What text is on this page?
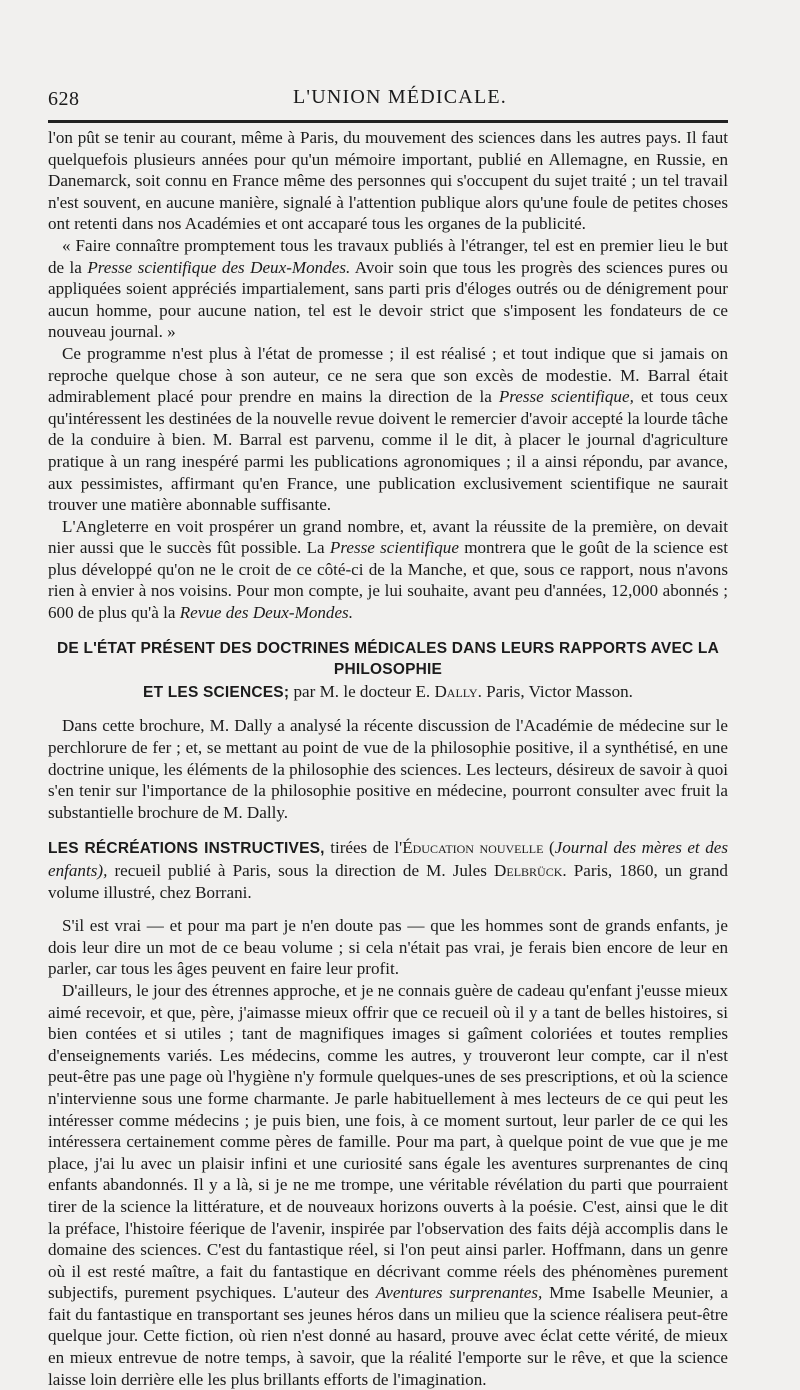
628	L'UNION MÉDICALE.

l'on pût se tenir au courant, même à Paris, du mouvement des sciences dans les autres pays. Il faut quelquefois plusieurs années pour qu'un mémoire important, publié en Allemagne, en Russie, en Danemarck, soit connu en France même des personnes qui s'occupent du sujet traité ; un tel travail n'est souvent, en aucune manière, signalé à l'attention publique alors qu'une foule de petites choses ont retenti dans nos Académies et ont accaparé tous les organes de la publicité.

« Faire connaître promptement tous les travaux publiés à l'étranger, tel est en premier lieu le but de la Presse scientifique des Deux-Mondes. Avoir soin que tous les progrès des sciences pures ou appliquées soient appréciés impartialement, sans parti pris d'éloges outrés ou de dénigrement pour aucun homme, pour aucune nation, tel est le devoir strict que s'imposent les fondateurs de ce nouveau journal. »

Ce programme n'est plus à l'état de promesse ; il est réalisé ; et tout indique que si jamais on reproche quelque chose à son auteur, ce ne sera que son excès de modestie. M. Barral était admirablement placé pour prendre en mains la direction de la Presse scientifique, et tous ceux qu'intéressent les destinées de la nouvelle revue doivent le remercier d'avoir accepté la lourde tâche de la conduire à bien. M. Barral est parvenu, comme il le dit, à placer le journal d'agriculture pratique à un rang inespéré parmi les publications agronomiques ; il a ainsi répondu, par avance, aux pessimistes, affirmant qu'en France, une publication exclusivement scientifique ne saurait trouver une matière abonnable suffisante.

L'Angleterre en voit prospérer un grand nombre, et, avant la réussite de la première, on devait nier aussi que le succès fût possible. La Presse scientifique montrera que le goût de la science est plus développé qu'on ne le croit de ce côté-ci de la Manche, et que, sous ce rapport, nous n'avons rien à envier à nos voisins. Pour mon compte, je lui souhaite, avant peu d'années, 12,000 abonnés ; 600 de plus qu'à la Revue des Deux-Mondes.

DE L'ÉTAT PRÉSENT DES DOCTRINES MÉDICALES DANS LEURS RAPPORTS AVEC LA PHILOSOPHIE
ET LES SCIENCES; par M. le docteur E. Dally. Paris, Victor Masson.

Dans cette brochure, M. Dally a analysé la récente discussion de l'Académie de médecine sur le perchlorure de fer ; et, se mettant au point de vue de la philosophie positive, il a synthétisé, en une doctrine unique, les éléments de la philosophie des sciences. Les lecteurs, désireux de savoir à quoi s'en tenir sur l'importance de la philosophie positive en médecine, pourront consulter avec fruit la substantielle brochure de M. Dally.

LES RÉCRÉATIONS INSTRUCTIVES, tirées de l'Éducation nouvelle (Journal des mères et des enfants), recueil publié à Paris, sous la direction de M. Jules Delbrück. Paris, 1860, un grand volume illustré, chez Borrani.

S'il est vrai — et pour ma part je n'en doute pas — que les hommes sont de grands enfants, je dois leur dire un mot de ce beau volume ; si cela n'était pas vrai, je ferais bien encore de leur en parler, car tous les âges peuvent en faire leur profit.

D'ailleurs, le jour des étrennes approche, et je ne connais guère de cadeau qu'enfant j'eusse mieux aimé recevoir, et que, père, j'aimasse mieux offrir que ce recueil où il y a tant de belles histoires, si bien contées et si utiles ; tant de magnifiques images si gaîment coloriées et toutes remplies d'enseignements variés. Les médecins, comme les autres, y trouveront leur compte, car il n'est peut-être pas une page où l'hygiène n'y formule quelques-unes de ses prescriptions, et où la science n'intervienne sous une forme charmante. Je parle habituellement à mes lecteurs de ce qui peut les intéresser comme médecins ; je puis bien, une fois, à ce moment surtout, leur parler de ce qui les intéressera certainement comme pères de famille. Pour ma part, à quelque point de vue que je me place, j'ai lu avec un plaisir infini et une curiosité sans égale les aventures surprenantes de cinq enfants abandonnés. Il y a là, si je ne me trompe, une véritable révélation du parti que pourraient tirer de la science la littérature, et de nouveaux horizons ouverts à la poésie. C'est, ainsi que le dit la préface, l'histoire féerique de l'avenir, inspirée par l'observation des faits déjà accomplis dans le domaine des sciences. C'est du fantastique réel, si l'on peut ainsi parler. Hoffmann, dans un genre où il est resté maître, a fait du fantastique en décrivant comme réels des phénomènes purement subjectifs, purement psychiques. L'auteur des Aventures surprenantes, Mme Isabelle Meunier, a fait du fantastique en transportant ses jeunes héros dans un milieu que la science réalisera peut-être quelque jour. Cette fiction, où rien n'est donné au hasard, prouve avec éclat cette vérité, de mieux en mieux entrevue de notre temps, à savoir, que la réalité l'emporte sur le rêve, et que la science laisse loin derrière elle les plus brillants efforts de l'imagination.
